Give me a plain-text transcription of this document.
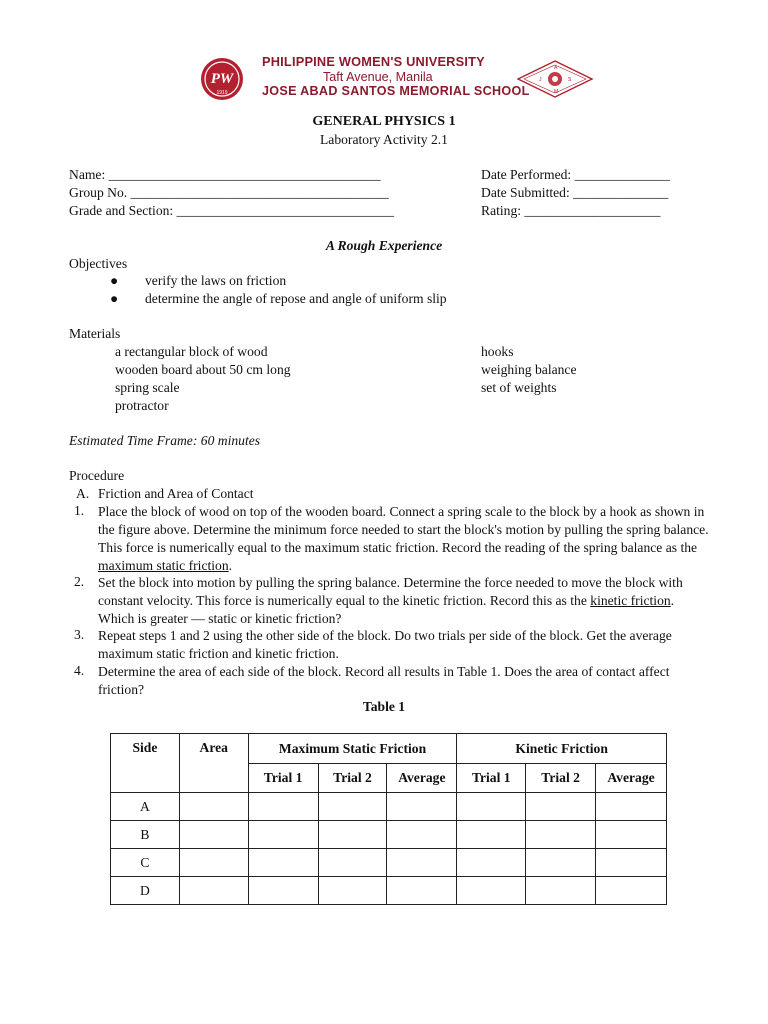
PW
1919
PHILIPPINE WOMEN'S UNIVERSITY
Taft Avenue, Manila
JOSE ABAD SANTOS MEMORIAL SCHOOL
J	S
A
M
GENERAL PHYSICS 1
Laboratory Activity 2.1
Name: ________________________________________
Group No. ______________________________________
Grade and Section: ________________________________
Date Performed: ______________
Date Submitted: ______________
Rating: ____________________
A Rough Experience
Objectives
● verify the laws on friction
● determine the angle of repose and angle of uniform slip
Materials
a rectangular block of wood
wooden board about 50 cm long
spring scale
protractor
hooks
weighing balance
set of weights
Estimated Time Frame: 60 minutes
Procedure
A. Friction and Area of Contact
1. Place the block of wood on top of the wooden board. Connect a spring scale to the block by a hook as shown in the figure above. Determine the minimum force needed to start the block's motion by pulling the spring balance. This force is numerically equal to the maximum static friction. Record the reading of the spring balance as the maximum static friction.
2. Set the block into motion by pulling the spring balance. Determine the force needed to move the block with constant velocity. This force is numerically equal to the kinetic friction. Record this as the kinetic friction. Which is greater — static or kinetic friction?
3. Repeat steps 1 and 2 using the other side of the block. Do two trials per side of the block. Get the average maximum static friction and kinetic friction.
4. Determine the area of each side of the block. Record all results in Table 1. Does the area of contact affect friction?
Table 1
Side	Area	Maximum Static Friction			Kinetic Friction		
		Trial 1	Trial 2	Average	Trial 1	Trial 2	Average
A							
B							
C							
D							
